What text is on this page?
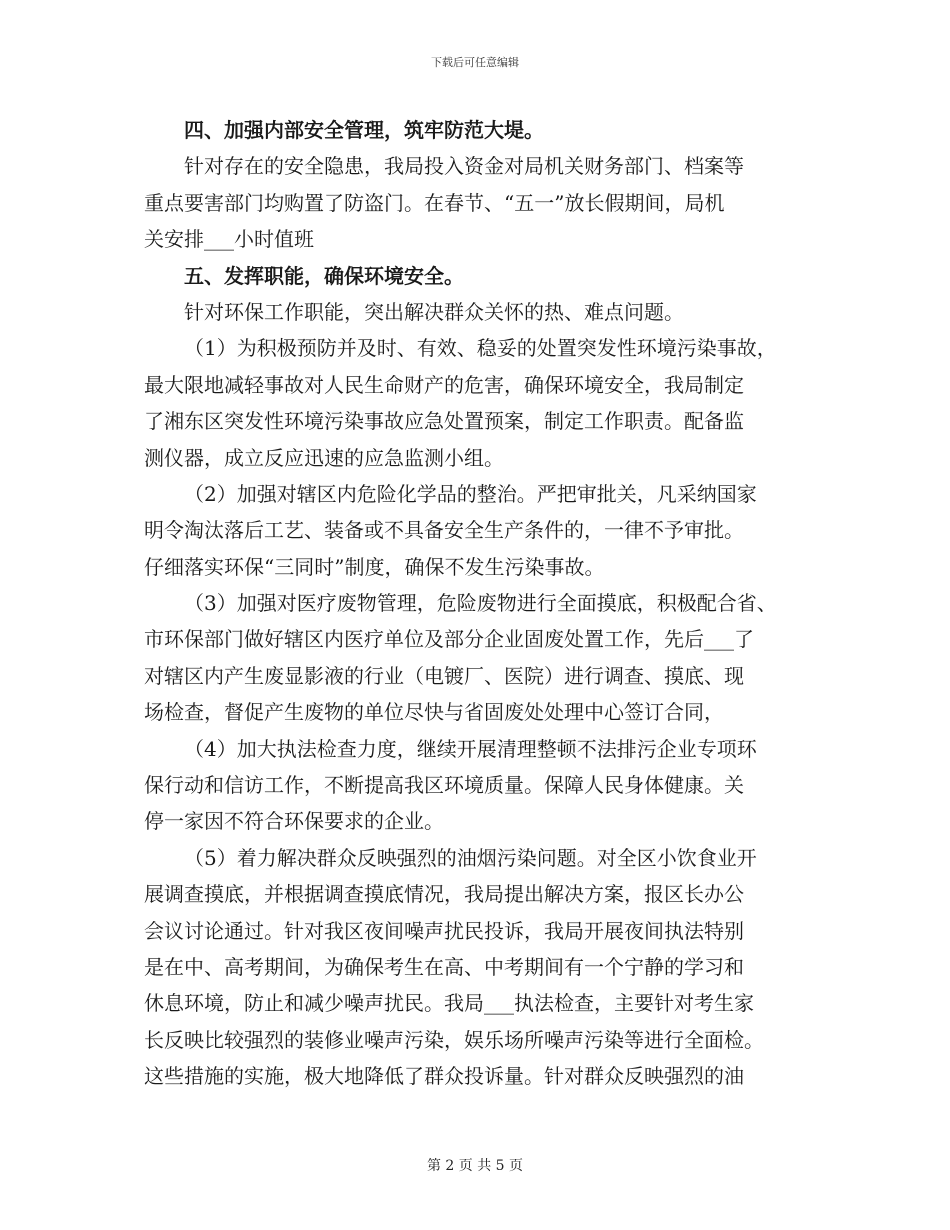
下载后可任意编辑
四、加强内部安全管理，筑牢防范大堤。
针对存在的安全隐患，我局投入资金对局机关财务部门、档案等
重点要害部门均购置了防盗门。在春节、“五一”放长假期间，局机
关安排___小时值班
五、发挥职能，确保环境安全。
针对环保工作职能，突出解决群众关怀的热、难点问题。
（1）为积极预防并及时、有效、稳妥的处置突发性环境污染事故，
最大限地减轻事故对人民生命财产的危害，确保环境安全，我局制定
了湘东区突发性环境污染事故应急处置预案，制定工作职责。配备监
测仪器，成立反应迅速的应急监测小组。
（2）加强对辖区内危险化学品的整治。严把审批关，凡采纳国家
明令淘汰落后工艺、装备或不具备安全生产条件的，一律不予审批。
仔细落实环保“三同时”制度，确保不发生污染事故。
（3）加强对医疗废物管理，危险废物进行全面摸底，积极配合省、
市环保部门做好辖区内医疗单位及部分企业固废处置工作，先后___了
对辖区内产生废显影液的行业（电镀厂、医院）进行调查、摸底、现
场检查，督促产生废物的单位尽快与省固废处处理中心签订合同，
（4）加大执法检查力度，继续开展清理整顿不法排污企业专项环
保行动和信访工作，不断提高我区环境质量。保障人民身体健康。关
停一家因不符合环保要求的企业。
（5）着力解决群众反映强烈的油烟污染问题。对全区小饮食业开
展调查摸底，并根据调查摸底情况，我局提出解决方案，报区长办公
会议讨论通过。针对我区夜间噪声扰民投诉，我局开展夜间执法特别
是在中、高考期间，为确保考生在高、中考期间有一个宁静的学习和
休息环境，防止和减少噪声扰民。我局___执法检查，主要针对考生家
长反映比较强烈的装修业噪声污染，娱乐场所噪声污染等进行全面检。
这些措施的实施，极大地降低了群众投诉量。针对群众反映强烈的油
第 2 页 共 5 页
